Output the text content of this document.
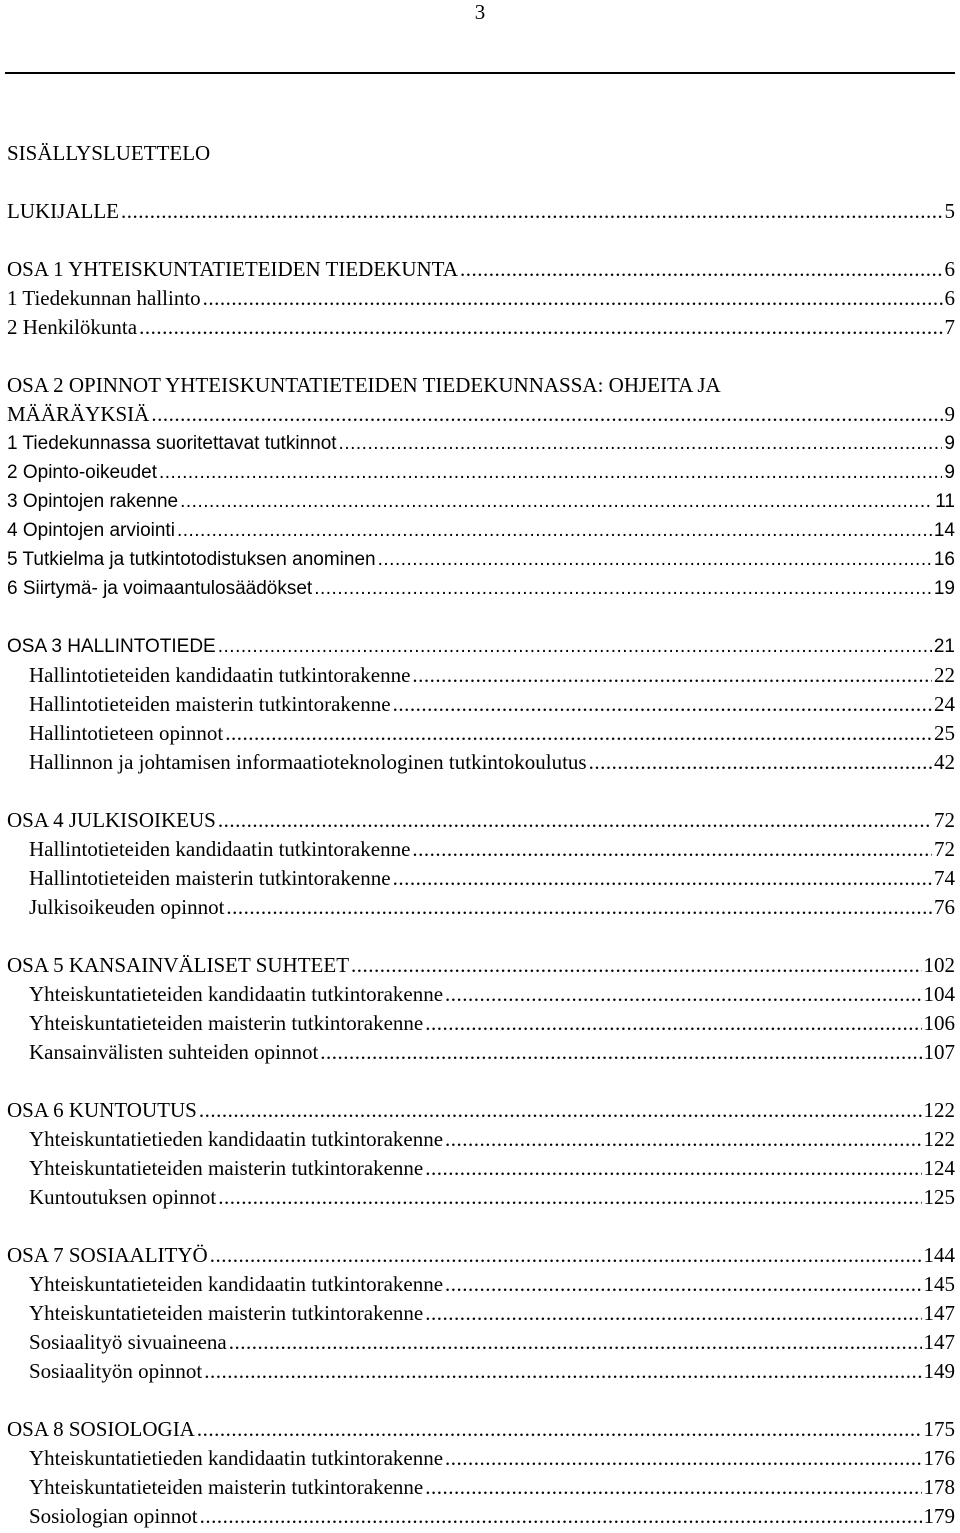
3
SISÄLLYSLUETTELO
LUKIJALLE .....	5
OSA 1 YHTEISKUNTATIETEIDEN TIEDEKUNTA .....	6
1 Tiedekunnan hallinto .....	6
2 Henkilökunta .....	7
OSA 2 OPINNOT YHTEISKUNTATIETEIDEN TIEDEKUNNASSA: OHJEITA JA
MÄÄRÄYKSIÄ .....	9
1 Tiedekunnassa suoritettavat tutkinnot .....	9
2 Opinto-oikeudet .....	9
3 Opintojen rakenne .....	11
4 Opintojen arviointi .....	14
5 Tutkielma ja tutkintotodistuksen anominen .....	16
6 Siirtymä- ja voimaantulosäädökset .....	19
OSA 3 HALLINTOTIEDE .....	21
Hallintotieteiden kandidaatin tutkintorakenne .....	22
Hallintotieteiden maisterin tutkintorakenne .....	24
Hallintotieteen opinnot .....	25
Hallinnon ja johtamisen informaatioteknologinen tutkintokoulutus .....	42
OSA 4 JULKISOIKEUS .....	72
Hallintotieteiden kandidaatin tutkintorakenne .....	72
Hallintotieteiden maisterin tutkintorakenne .....	74
Julkisoikeuden opinnot .....	76
OSA 5 KANSAINVÄLISET SUHTEET .....	102
Yhteiskuntatieteiden kandidaatin tutkintorakenne .....	104
Yhteiskuntatieteiden maisterin tutkintorakenne .....	106
Kansainvälisten suhteiden opinnot .....	107
OSA 6 KUNTOUTUS .....	122
Yhteiskuntatietieden kandidaatin tutkintorakenne .....	122
Yhteiskuntatieteiden maisterin tutkintorakenne .....	124
Kuntoutuksen opinnot .....	125
OSA 7 SOSIAALITYÖ .....	144
Yhteiskuntatieteiden kandidaatin tutkintorakenne .....	145
Yhteiskuntatieteiden maisterin tutkintorakenne .....	147
Sosiaalityö sivuaineena .....	147
Sosiaalityön opinnot .....	149
OSA 8 SOSIOLOGIA .....	175
Yhteiskuntatietieden kandidaatin tutkintorakenne .....	176
Yhteiskuntatieteiden maisterin tutkintorakenne .....	178
Sosiologian opinnot .....	179
